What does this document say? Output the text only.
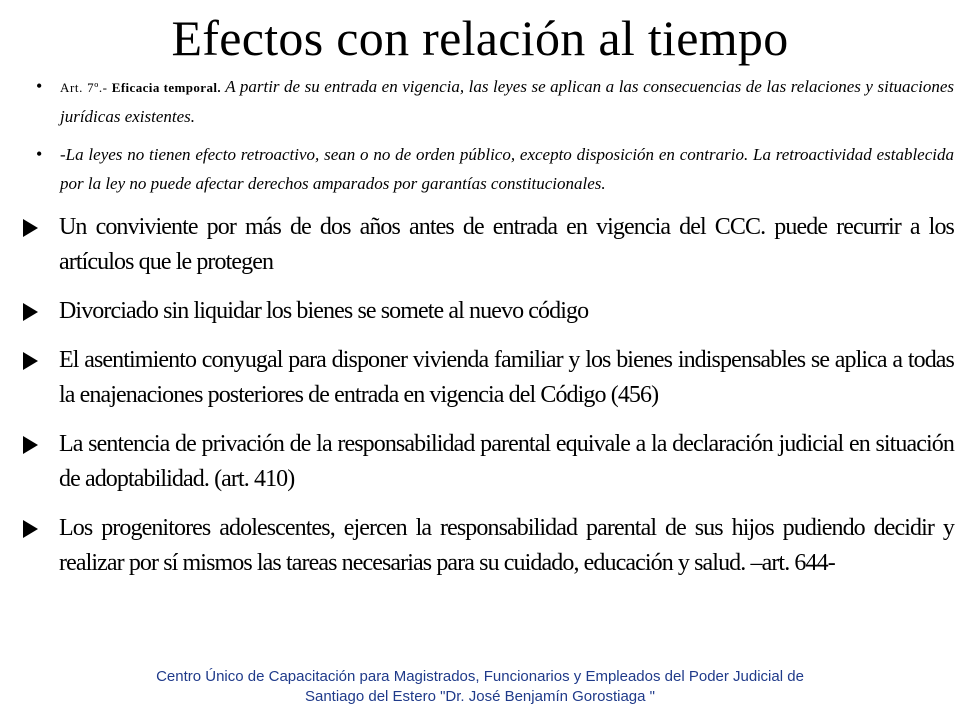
Efectos con relación al tiempo
•	Art. 7º.- Eficacia temporal. A partir de su entrada en vigencia, las leyes se aplican a las consecuencias de las relaciones y situaciones jurídicas existentes.
•	-La leyes no tienen efecto retroactivo, sean o no de orden público, excepto disposición en contrario. La retroactividad establecida por la ley no puede afectar derechos amparados por garantías constitucionales.
Un conviviente por más de dos años antes de entrada en vigencia del CCC. puede recurrir a los artículos que le protegen
Divorciado sin liquidar los bienes se somete al nuevo código
El asentimiento conyugal para disponer vivienda familiar y los bienes indispensables se aplica a todas la enajenaciones posteriores de entrada en vigencia del Código (456)
La sentencia de privación de la responsabilidad parental equivale a la declaración judicial en situación de adoptabilidad. (art. 410)
Los progenitores adolescentes, ejercen la responsabilidad parental de sus hijos pudiendo decidir y realizar por sí mismos las tareas necesarias para su cuidado, educación y salud. –art. 644-
Centro Único de Capacitación para Magistrados, Funcionarios y Empleados del Poder Judicial de
Santiago del Estero "Dr. José Benjamín Gorostiaga "
